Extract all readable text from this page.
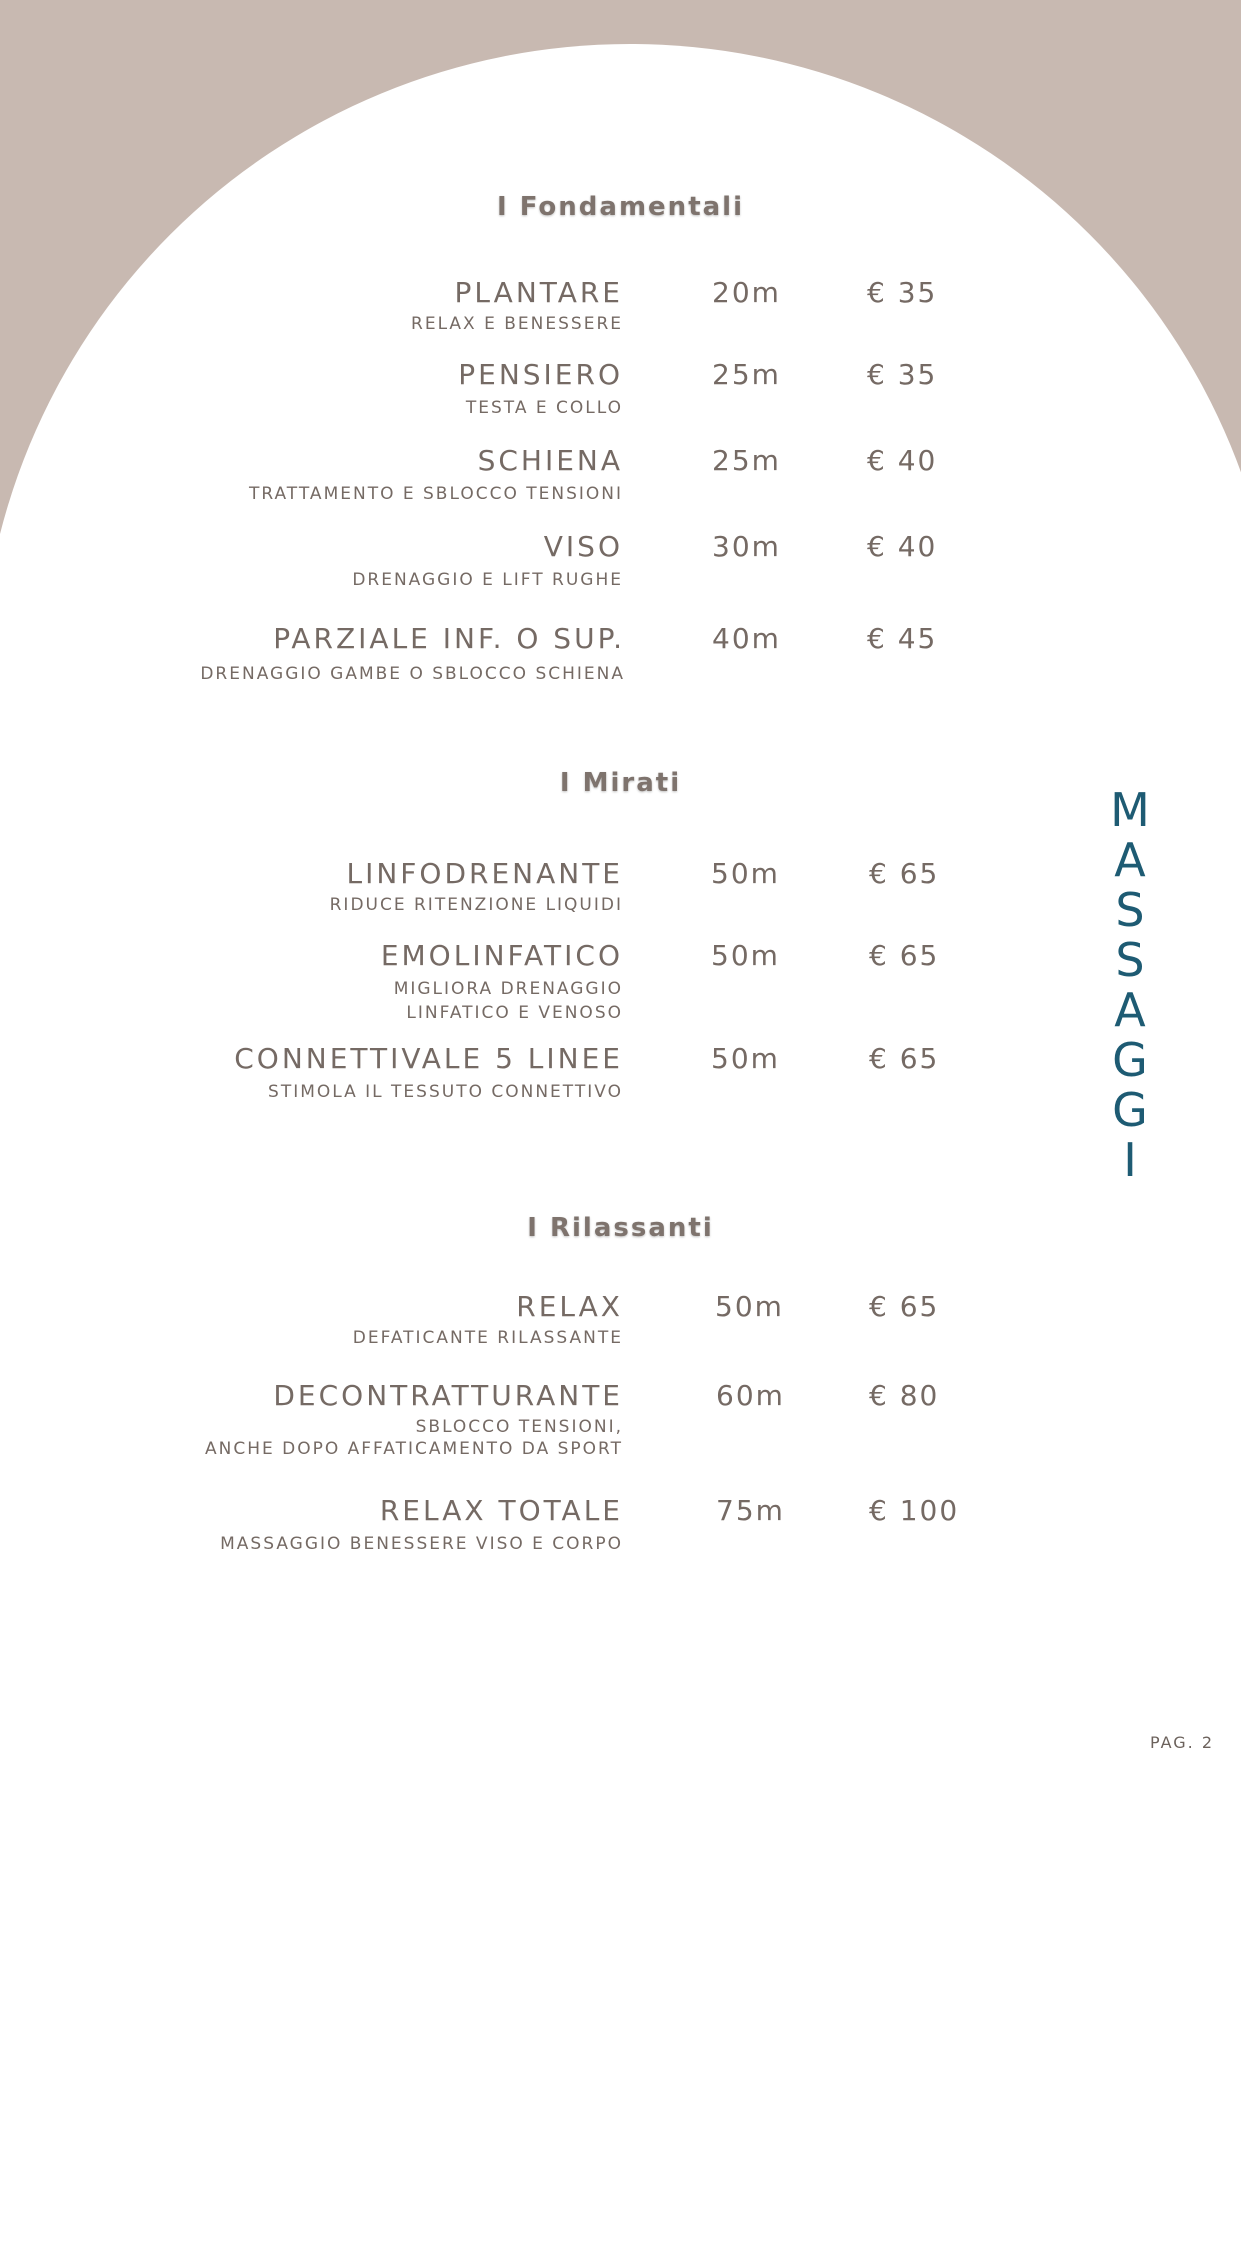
I Fondamentali
PLANTARE
RELAX E BENESSERE
20m	€ 35
PENSIERO
TESTA E COLLO
25m	€ 35
SCHIENA
TRATTAMENTO E SBLOCCO TENSIONI
25m	€ 40
VISO
DRENAGGIO E LIFT RUGHE
30m	€ 40
PARZIALE INF. O SUP.
DRENAGGIO GAMBE O SBLOCCO SCHIENA
40m	€ 45
I Mirati
LINFODRENANTE
RIDUCE RITENZIONE LIQUIDI
50m	€ 65
EMOLINFATICO
MIGLIORA DRENAGGIO
LINFATICO E VENOSO
50m	€ 65
CONNETTIVALE 5 LINEE
STIMOLA IL TESSUTO CONNETTIVO
50m	€ 65
I Rilassanti
RELAX
DEFATICANTE RILASSANTE
50m	€ 65
DECONTRATTURANTE
SBLOCCO TENSIONI,
ANCHE DOPO AFFATICAMENTO DA SPORT
60m	€ 80
RELAX TOTALE
MASSAGGIO BENESSERE VISO E CORPO
75m	€ 100
M
A
S
S
A
G
G
I
PAG. 2
